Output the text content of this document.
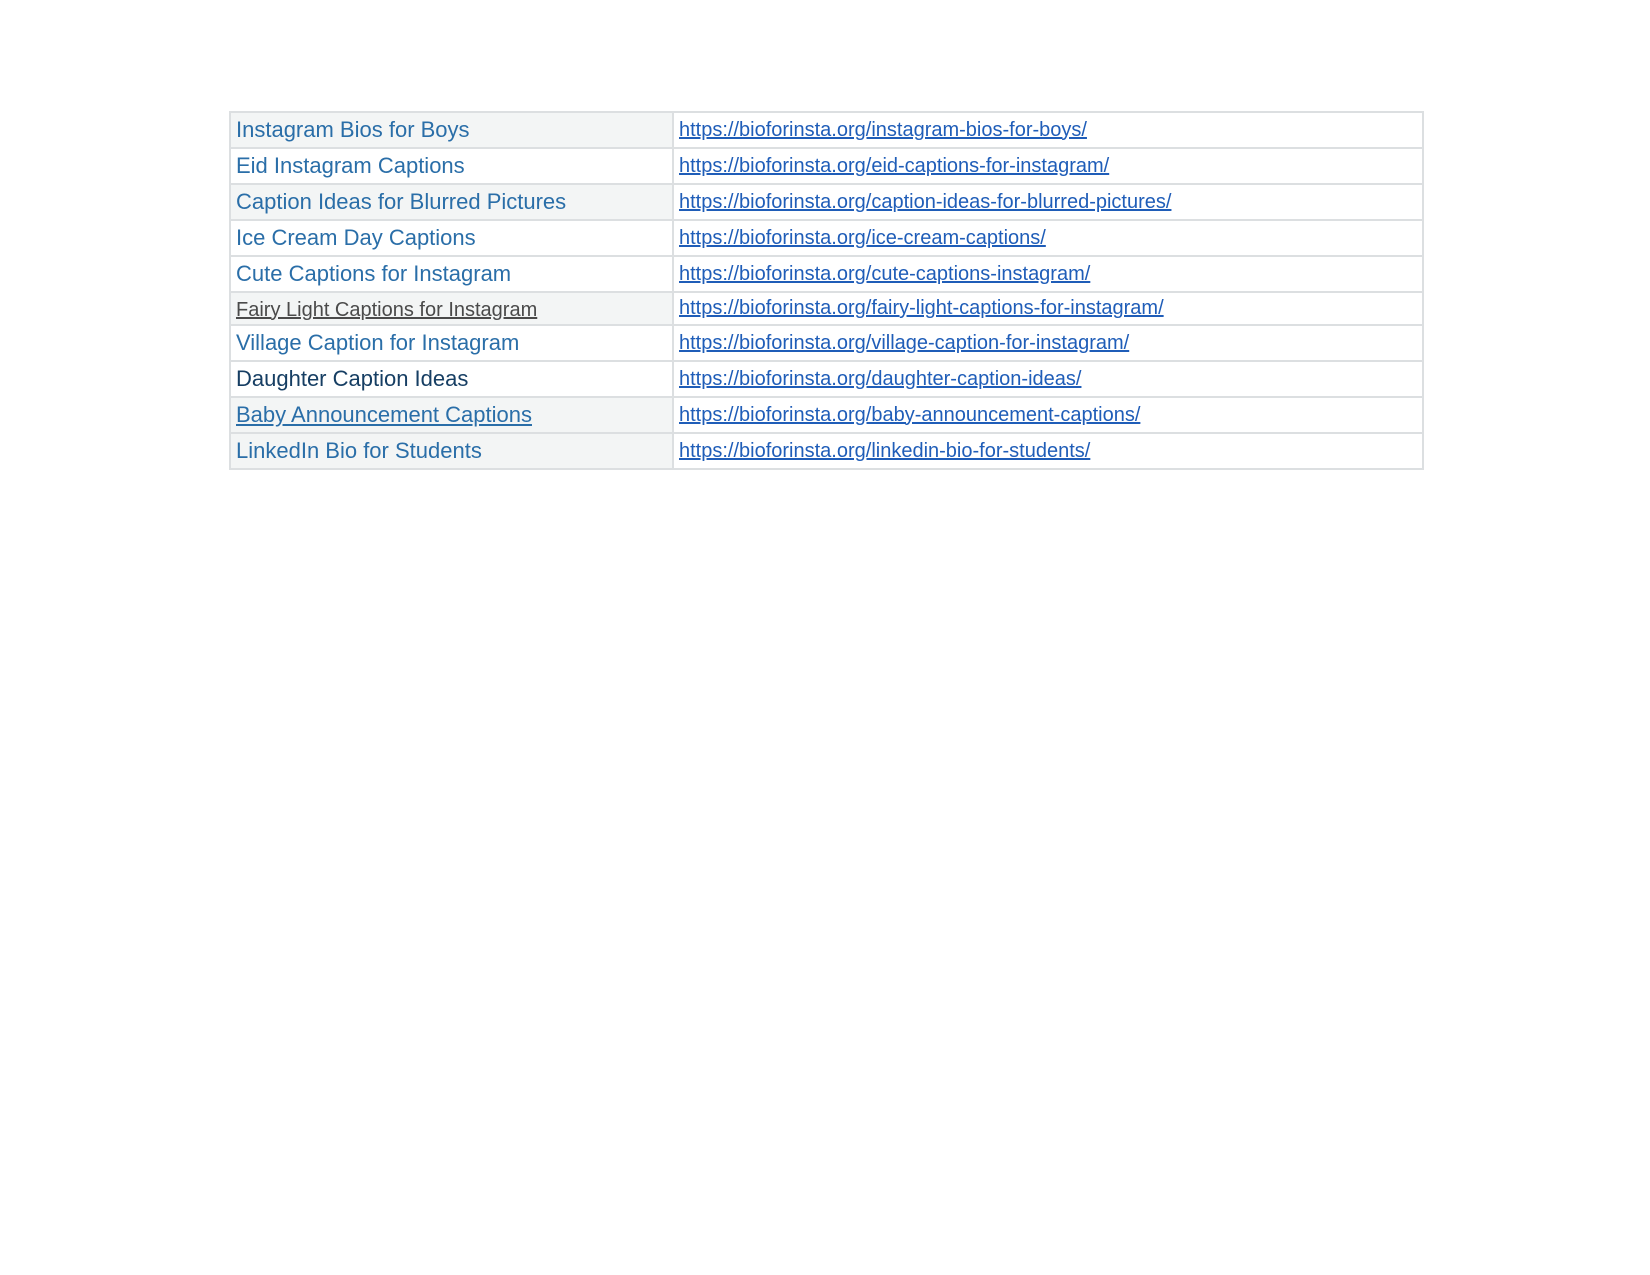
Instagram Bios for Boys	https://bioforinsta.org/instagram-bios-for-boys/
Eid Instagram Captions	https://bioforinsta.org/eid-captions-for-instagram/
Caption Ideas for Blurred Pictures	https://bioforinsta.org/caption-ideas-for-blurred-pictures/
Ice Cream Day Captions	https://bioforinsta.org/ice-cream-captions/
Cute Captions for Instagram	https://bioforinsta.org/cute-captions-instagram/
Fairy Light Captions for Instagram	https://bioforinsta.org/fairy-light-captions-for-instagram/
Village Caption for Instagram	https://bioforinsta.org/village-caption-for-instagram/
Daughter Caption Ideas	https://bioforinsta.org/daughter-caption-ideas/
Baby Announcement Captions	https://bioforinsta.org/baby-announcement-captions/
LinkedIn Bio for Students	https://bioforinsta.org/linkedin-bio-for-students/
